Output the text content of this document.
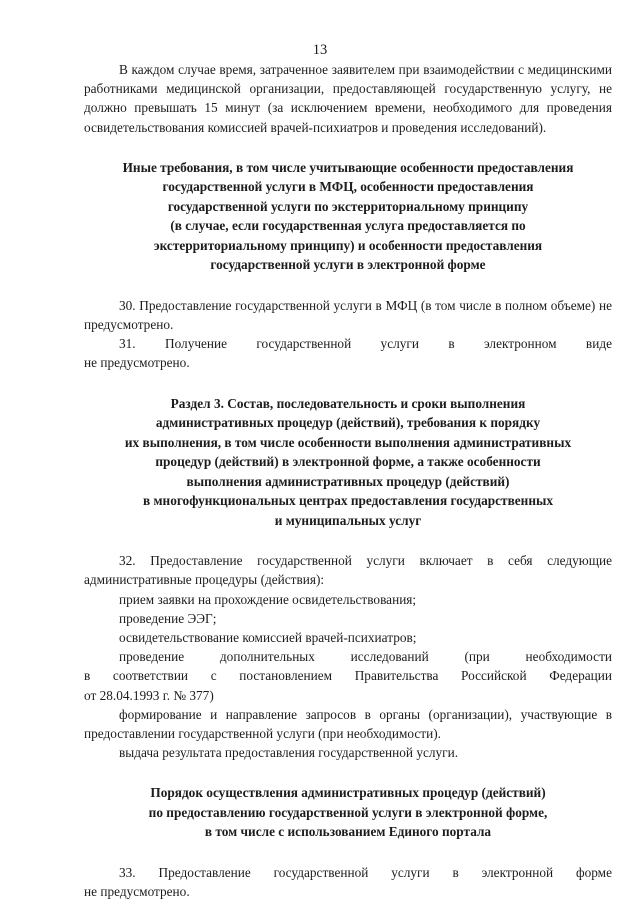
13

В каждом случае время, затраченное заявителем при взаимодействии с медицинскими работниками медицинской организации, предоставляющей государственную услугу, не должно превышать 15 минут (за исключением времени, необходимого для проведения освидетельствования комиссией врачей-психиатров и проведения исследований).

Иные требования, в том числе учитывающие особенности предоставления
государственной услуги в МФЦ, особенности предоставления
государственной услуги по экстерриториальному принципу
(в случае, если государственная услуга предоставляется по
экстерриториальному принципу) и особенности предоставления
государственной услуги в электронной форме

30. Предоставление государственной услуги в МФЦ (в том числе в полном объеме) не предусмотрено.

31. Получение государственной услуги в электронном виде

не предусмотрено.

Раздел 3. Состав, последовательность и сроки выполнения
административных процедур (действий), требования к порядку
их выполнения, в том числе особенности выполнения административных
процедур (действий) в электронной форме, а также особенности
выполнения административных процедур (действий)
в многофункциональных центрах предоставления государственных
и муниципальных услуг

32. Предоставление государственной услуги включает в себя следующие административные процедуры (действия):

прием заявки на прохождение освидетельствования;

проведение ЭЭГ;

освидетельствование комиссией врачей-психиатров;

проведение дополнительных исследований (при необходимости

в соответствии с постановлением Правительства Российской Федерации

от 28.04.1993 г. № 377)

формирование и направление запросов в органы (организации), участвующие в предоставлении государственной услуги (при необходимости).

выдача результата предоставления государственной услуги.

Порядок осуществления административных процедур (действий)
по предоставлению государственной услуги в электронной форме,
в том числе с использованием Единого портала

33. Предоставление государственной услуги в электронной форме

не предусмотрено.
